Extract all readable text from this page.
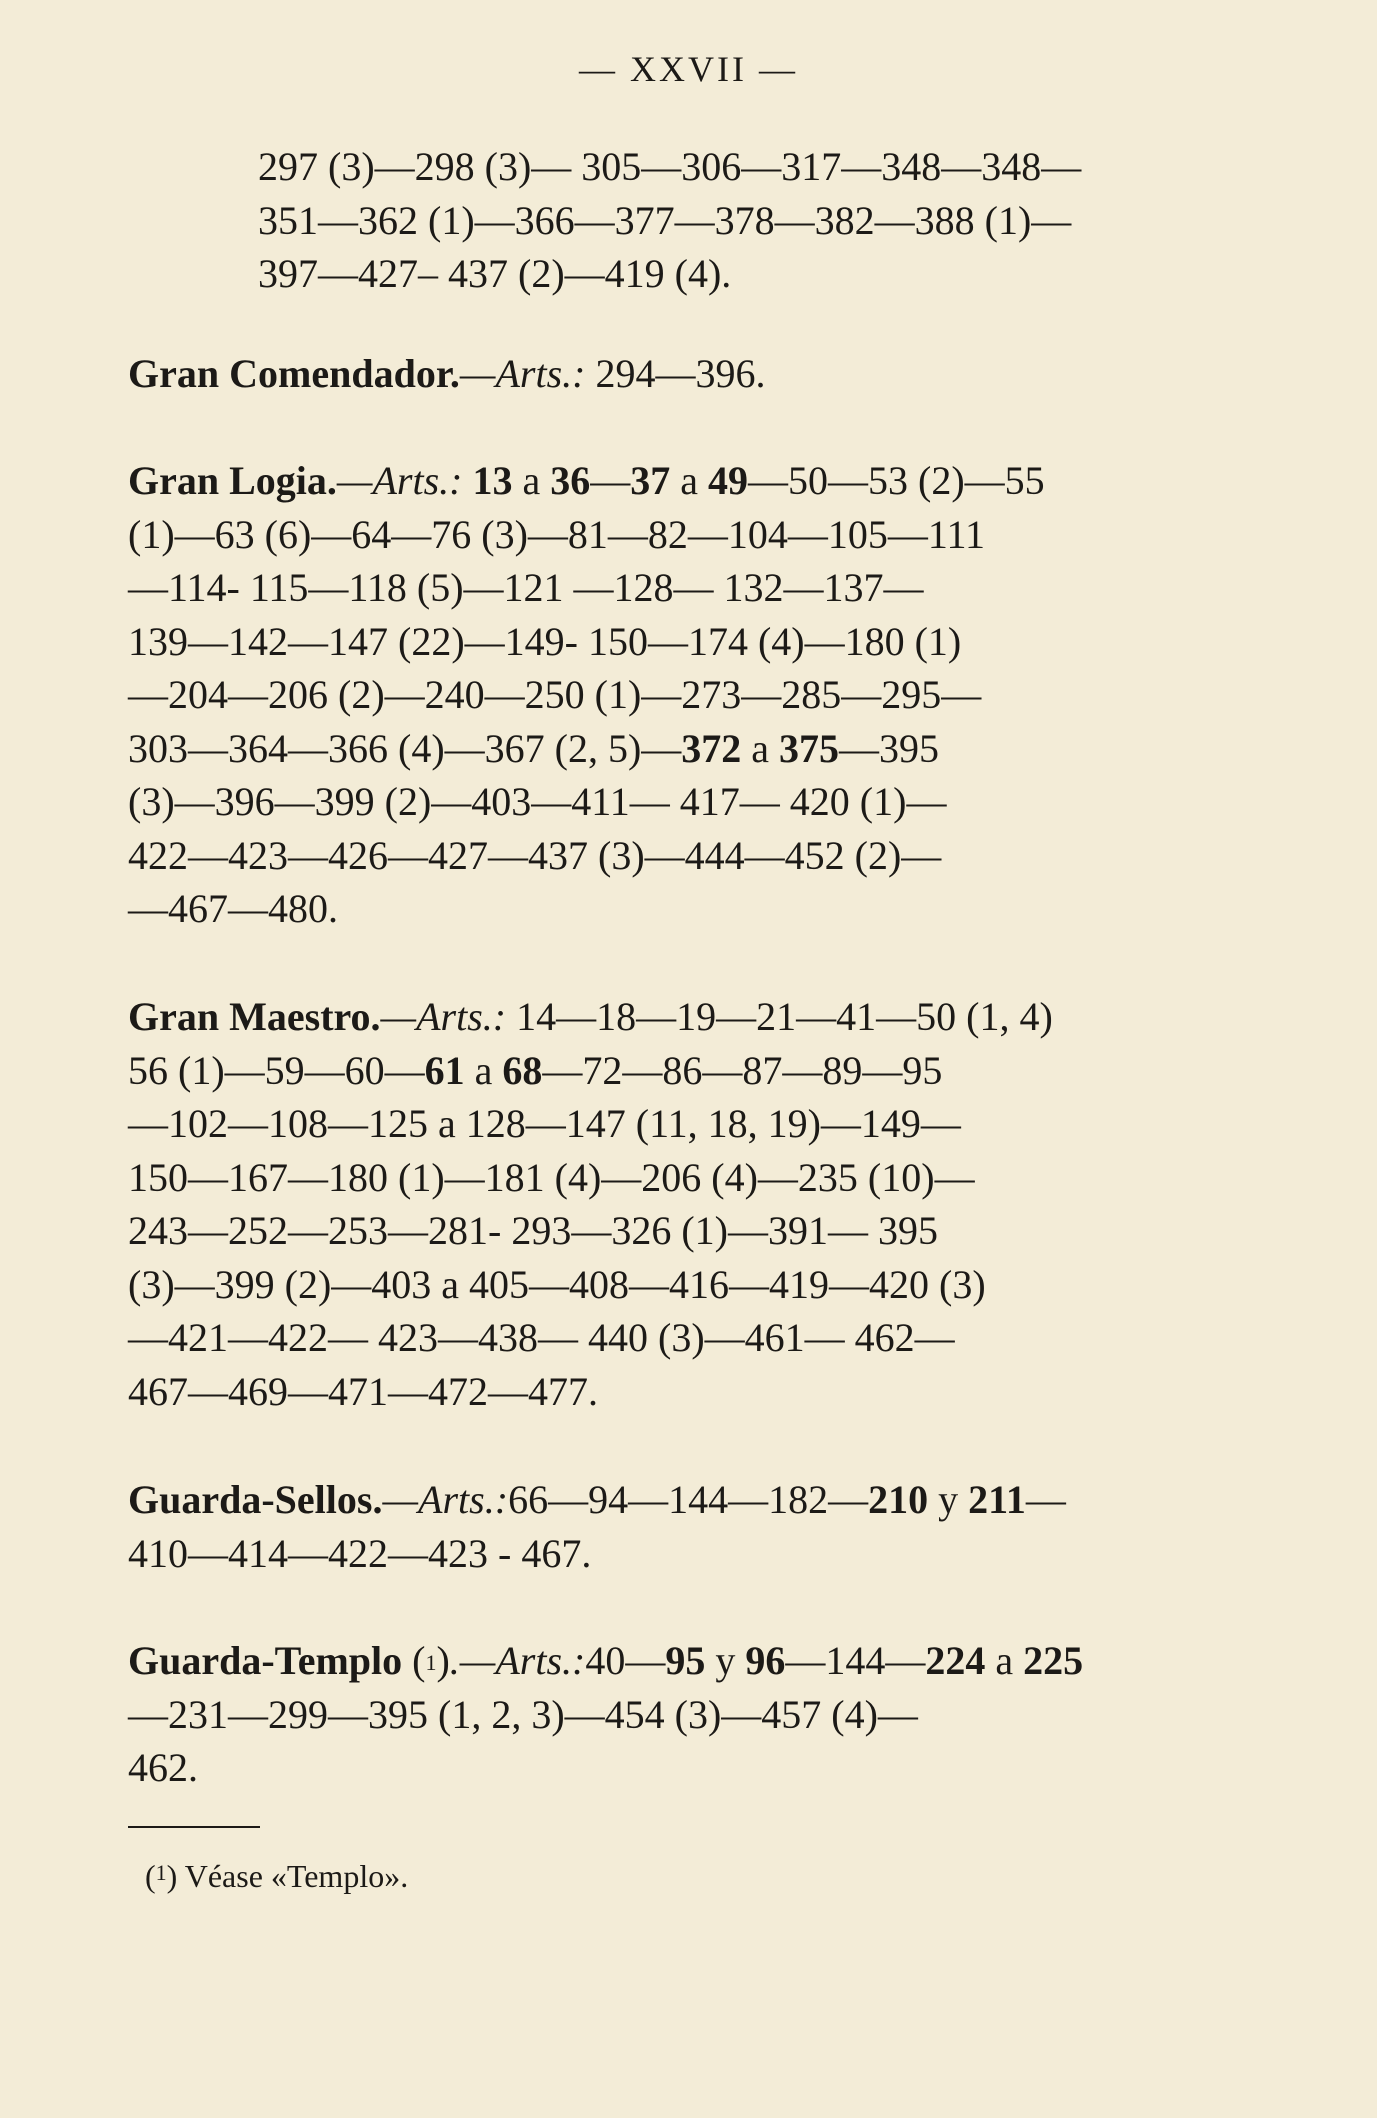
— XXVII —
297 (3)—298 (3)— 305—306—317—348—348—
351—362 (1)—366—377—378—382—388 (1)—
397—427– 437 (2)—419 (4).
Gran Comendador.—Arts.: 294—396.
Gran Logia.—Arts.: 13 a 36—37 a 49—50—53 (2)—55
(1)—63 (6)—64—76 (3)—81—82—104—105—111
—114- 115—118 (5)—121 —128— 132—137—
139—142—147 (22)—149- 150—174 (4)—180 (1)
—204—206 (2)—240—250 (1)—273—285—295—
303—364—366 (4)—367 (2, 5)—372 a 375—395
(3)—396—399 (2)—403—411— 417— 420 (1)—
422—423—426—427—437 (3)—444—452 (2)—
—467—480.
Gran Maestro.—Arts.: 14—18—19—21—41—50 (1, 4)
56 (1)—59—60—61 a 68—72—86—87—89—95
—102—108—125 a 128—147 (11, 18, 19)—149—
150—167—180 (1)—181 (4)—206 (4)—235 (10)—
243—252—253—281- 293—326 (1)—391— 395
(3)—399 (2)—403 a 405—408—416—419—420 (3)
—421—422— 423—438— 440 (3)—461— 462—
467—469—471—472—477.
Guarda-Sellos.—Arts.:66—94—144—182—210 y 211—
410—414—422—423 - 467.
Guarda-Templo ($^1$).—Arts.:40—95 y 96—144—224 a 225
—231—299—395 (1, 2, 3)—454 (3)—457 (4)—
462.
($^1$) Véase «Templo».
